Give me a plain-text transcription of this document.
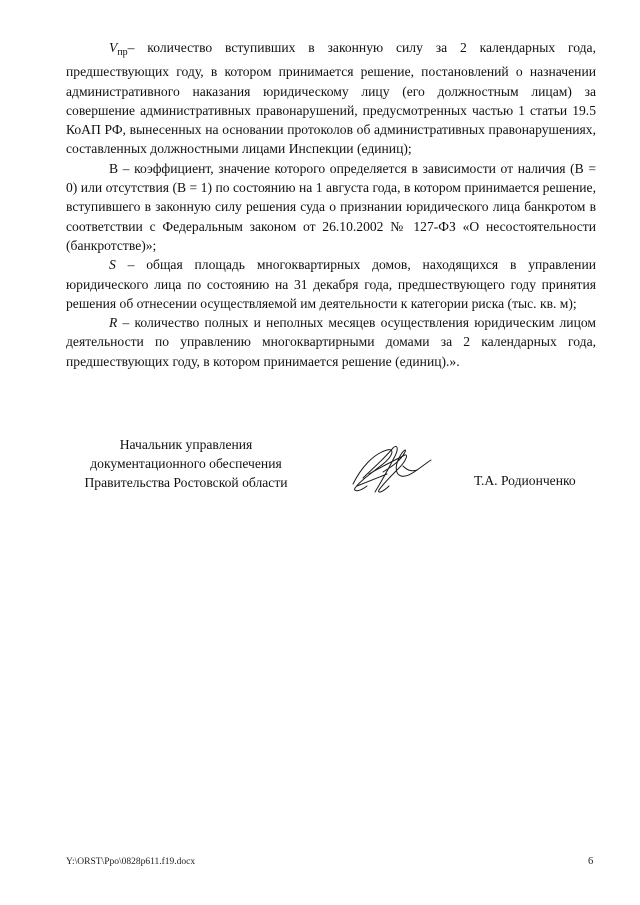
$V_{пр}-$ количество вступивших в законную силу за 2 календарных года, предшествующих году, в котором принимается решение, постановлений о назначении административного наказания юридическому лицу (его должностным лицам) за совершение административных правонарушений, предусмотренных частью 1 статьи 19.5 КоАП РФ, вынесенных на основании протоколов об административных правонарушениях, составленных должностными лицами Инспекции (единиц);

В – коэффициент, значение которого определяется в зависимости от наличия (В = 0) или отсутствия (В = 1) по состоянию на 1 августа года, в котором принимается решение, вступившего в законную силу решения суда о признании юридического лица банкротом в соответствии с Федеральным законом от 26.10.2002 № 127-ФЗ «О несостоятельности (банкротстве)»;

S – общая площадь многоквартирных домов, находящихся в управлении юридического лица по состоянию на 31 декабря года, предшествующего году принятия решения об отнесении осуществляемой им деятельности к категории риска (тыс. кв. м);

R – количество полных и неполных месяцев осуществления юридическим лицом деятельности по управлению многоквартирными домами за 2 календарных года, предшествующих году, в котором принимается решение (единиц).».

Начальник управления
документационного обеспечения
Правительства Ростовской области	Т.А. Родионченко
Y:\ORST\Ppo\0828p611.f19.docx	6
